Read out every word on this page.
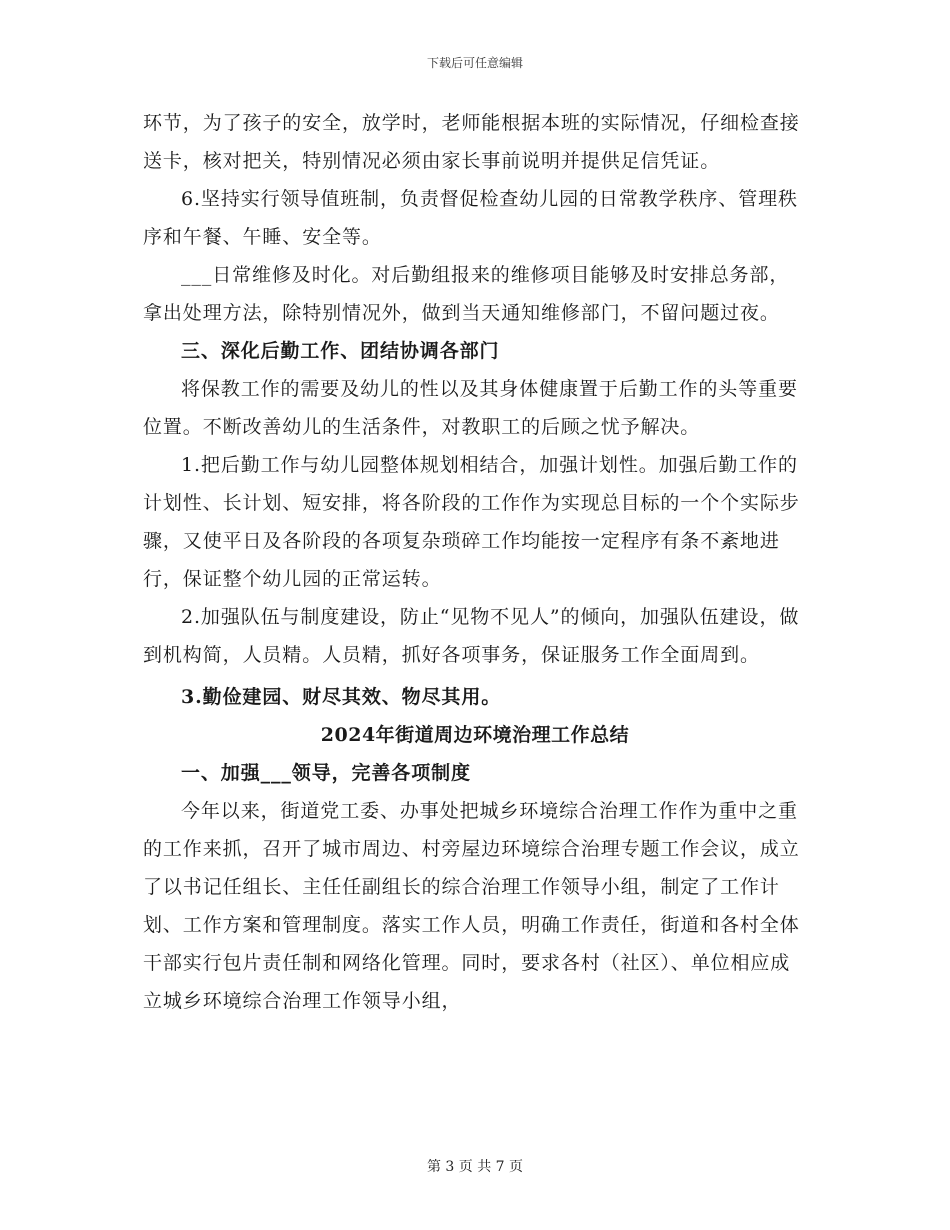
下载后可任意编辑

环节，为了孩子的安全，放学时，老师能根据本班的实际情况，仔细检查接送卡，核对把关，特别情况必须由家长事前说明并提供足信凭证。

6.坚持实行领导值班制，负责督促检查幼儿园的日常教学秩序、管理秩序和午餐、午睡、安全等。

___日常维修及时化。对后勤组报来的维修项目能够及时安排总务部，拿出处理方法，除特别情况外，做到当天通知维修部门，不留问题过夜。

三、深化后勤工作、团结协调各部门

将保教工作的需要及幼儿的性以及其身体健康置于后勤工作的头等重要位置。不断改善幼儿的生活条件，对教职工的后顾之忧予解决。

1.把后勤工作与幼儿园整体规划相结合，加强计划性。加强后勤工作的计划性、长计划、短安排，将各阶段的工作作为实现总目标的一个个实际步骤，又使平日及各阶段的各项复杂琐碎工作均能按一定程序有条不紊地进行，保证整个幼儿园的正常运转。

2.加强队伍与制度建设，防止“见物不见人”的倾向，加强队伍建设，做到机构简，人员精。人员精，抓好各项事务，保证服务工作全面周到。

3.勤俭建园、财尽其效、物尽其用。

2024年街道周边环境治理工作总结

一、加强___领导，完善各项制度

今年以来，街道党工委、办事处把城乡环境综合治理工作作为重中之重的工作来抓，召开了城市周边、村旁屋边环境综合治理专题工作会议，成立了以书记任组长、主任任副组长的综合治理工作领导小组，制定了工作计划、工作方案和管理制度。落实工作人员，明确工作责任，街道和各村全体干部实行包片责任制和网络化管理。同时，要求各村（社区）、单位相应成立城乡环境综合治理工作领导小组，

第 3 页 共 7 页
